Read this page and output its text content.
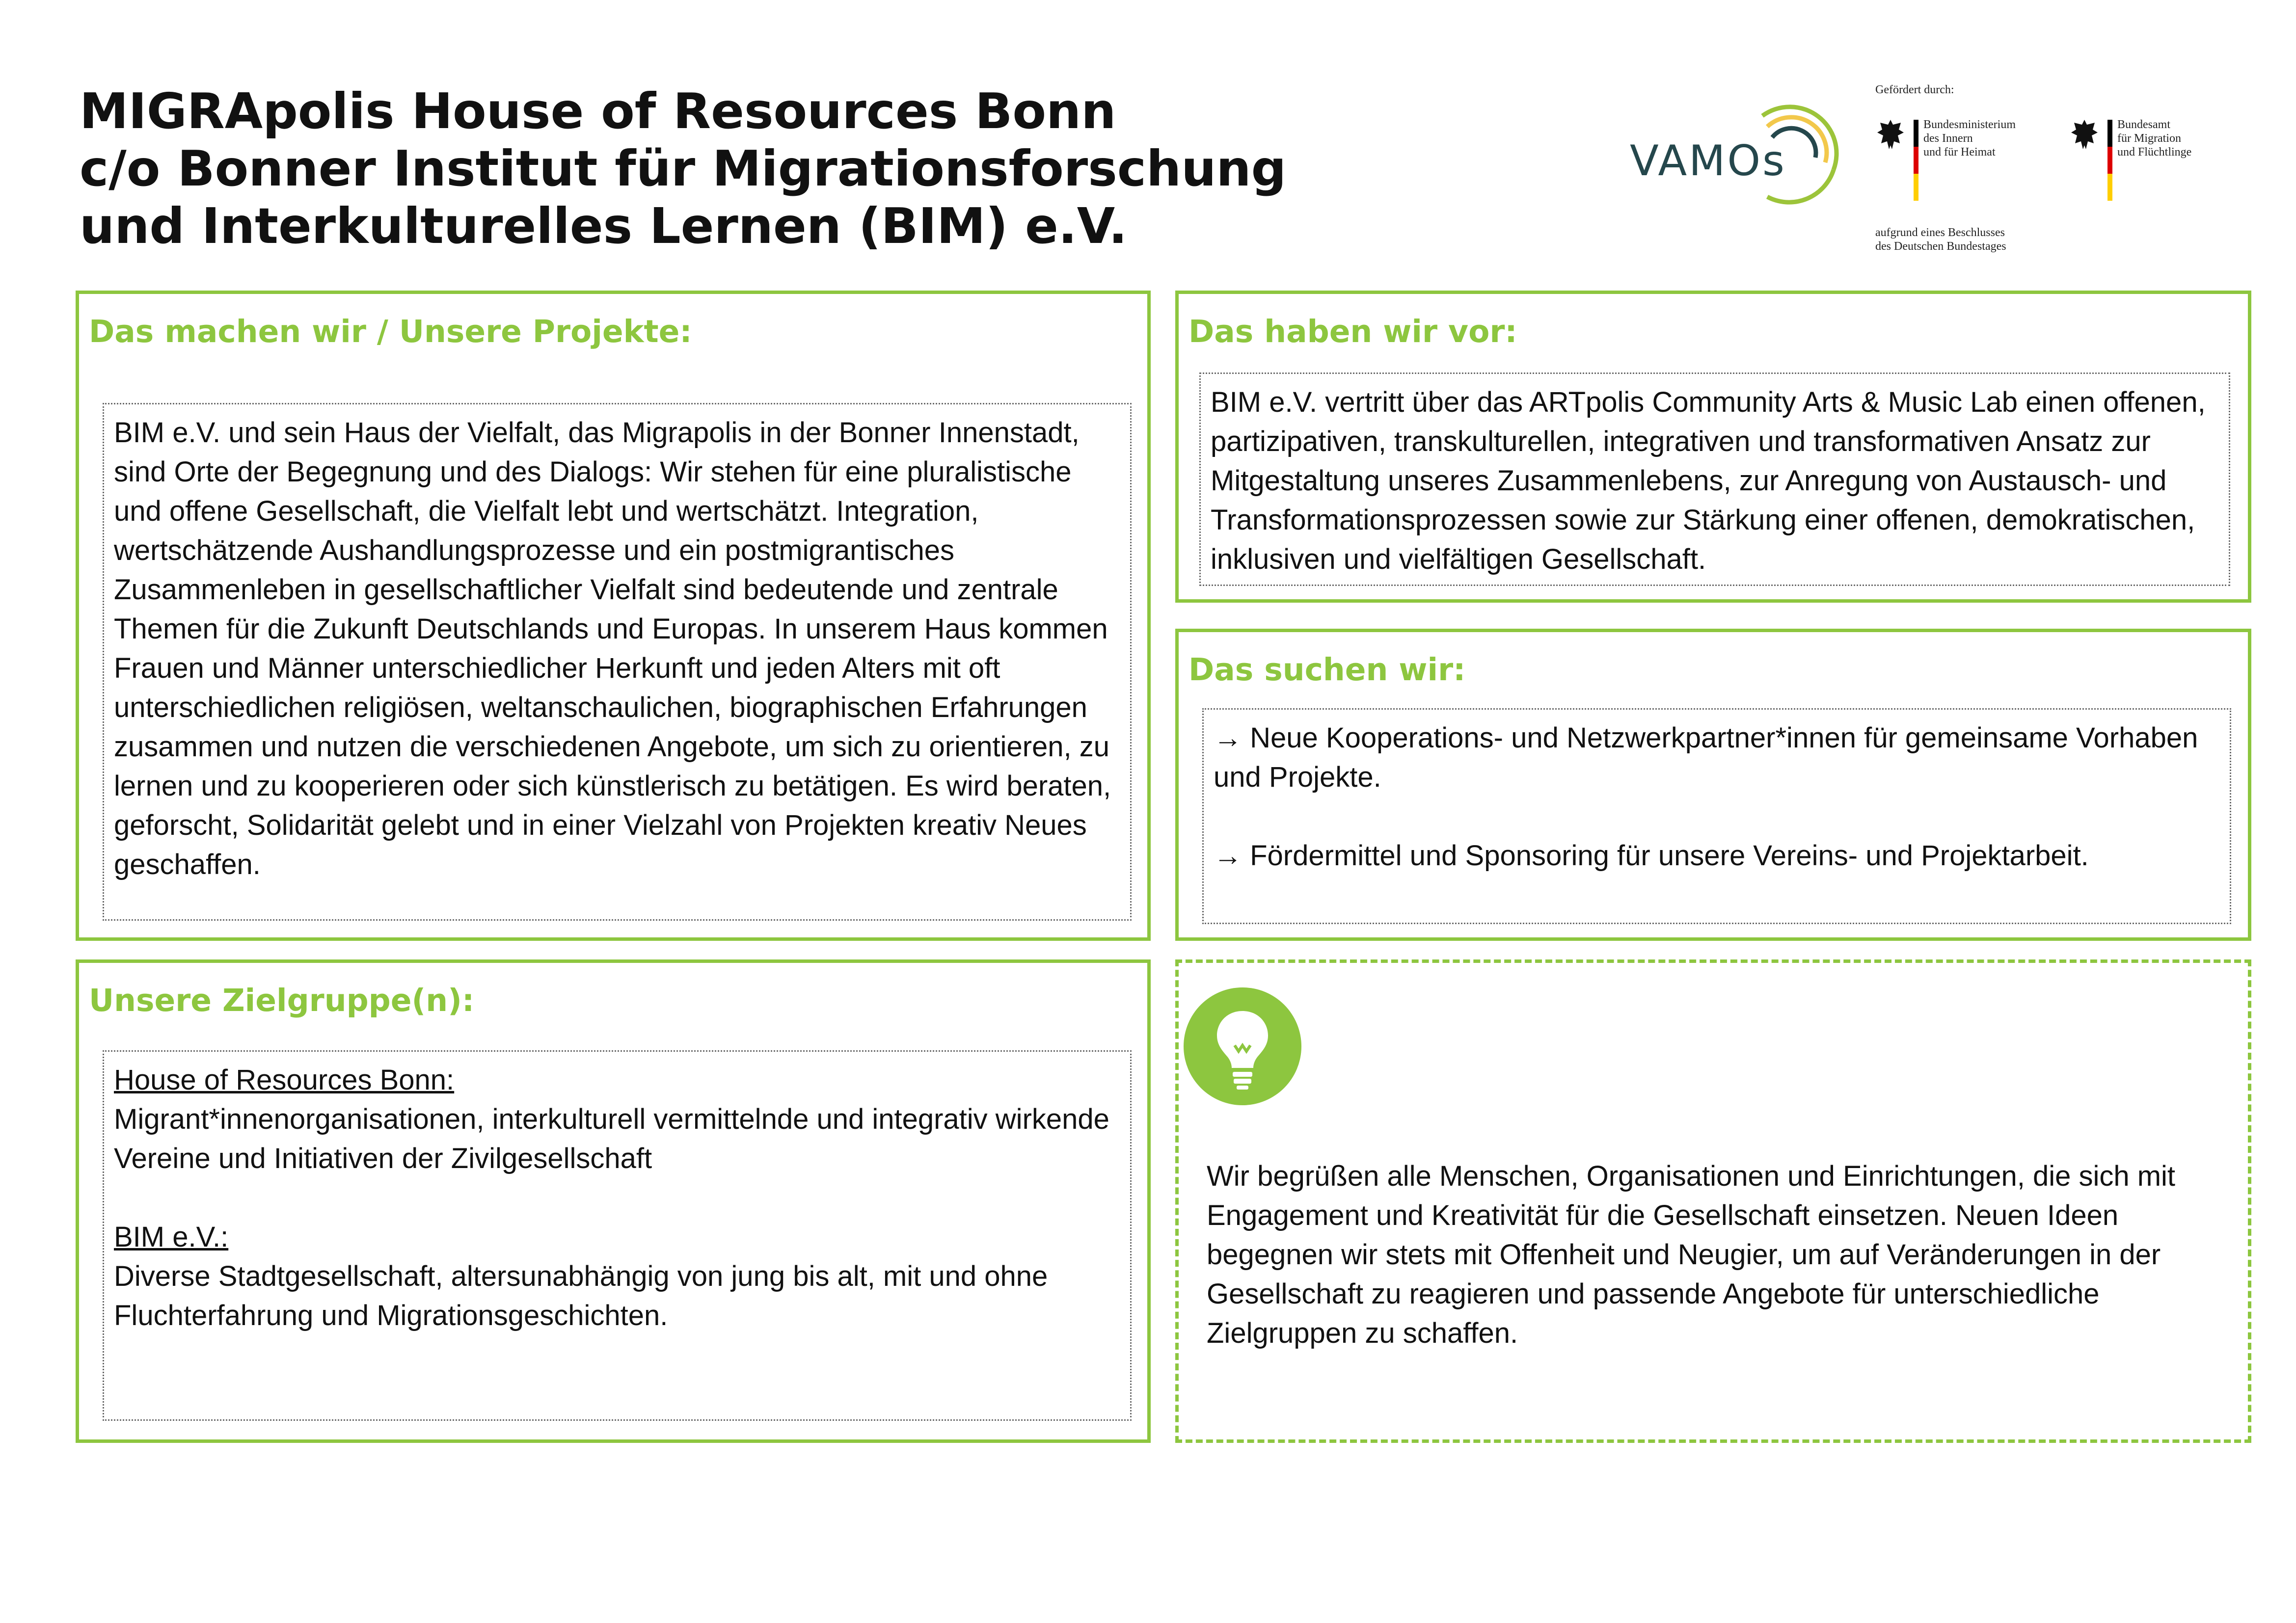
MIGRApolis House of Resources Bonn
c/o Bonner Institut für Migrationsforschung
und Interkulturelles Lernen (BIM) e.V.
VAMOs
Gefördert durch:
Bundesministerium
des Innern
und für Heimat
Bundesamt
für Migration
und Flüchtlinge
aufgrund eines Beschlusses
des Deutschen Bundestages
Das machen wir / Unsere Projekte:

BIM e.V. und sein Haus der Vielfalt, das Migrapolis in der Bonner Innenstadt, sind Orte der Begegnung und des Dialogs: Wir stehen für eine pluralistische und offene Gesellschaft, die Vielfalt lebt und wertschätzt. Integration, wertschätzende Aushandlungsprozesse und ein postmigrantisches Zusammenleben in gesellschaftlicher Vielfalt sind bedeutende und zentrale Themen für die Zukunft Deutschlands und Europas. In unserem Haus kommen Frauen und Männer unterschiedlicher Herkunft und jeden Alters mit oft unterschiedlichen religiösen, weltanschaulichen, biographischen Erfahrungen zusammen und nutzen die verschiedenen Angebote, um sich zu orientieren, zu lernen und zu kooperieren oder sich künstlerisch zu betätigen. Es wird beraten, geforscht, Solidarität gelebt und in einer Vielzahl von Projekten kreativ Neues geschaffen.

Das haben wir vor:

BIM e.V. vertritt über das ARTpolis Community Arts & Music Lab einen offenen, partizipativen, transkulturellen, integrativen und transformativen Ansatz zur Mitgestaltung unseres Zusammenlebens, zur Anregung von Austausch- und Transformationsprozessen sowie zur Stärkung einer offenen, demokratischen, inklusiven und vielfältigen Gesellschaft.

Das suchen wir:

→ Neue Kooperations- und Netzwerkpartner*innen für gemeinsame Vorhaben und Projekte.

→ Fördermittel und Sponsoring für unsere Vereins- und Projektarbeit.

Unsere Zielgruppe(n):

House of Resources Bonn:

Migrant*innenorganisationen, interkulturell vermittelnde und integrativ wirkende Vereine und Initiativen der Zivilgesellschaft

BIM e.V.:

Diverse Stadtgesellschaft, altersunabhängig von jung bis alt, mit und ohne Fluchterfahrung und Migrationsgeschichten.

Wir begrüßen alle Menschen, Organisationen und Einrichtungen, die sich mit Engagement und Kreativität für die Gesellschaft einsetzen. Neuen Ideen begegnen wir stets mit Offenheit und Neugier, um auf Veränderungen in der Gesellschaft zu reagieren und passende Angebote für unterschiedliche Zielgruppen zu schaffen.
